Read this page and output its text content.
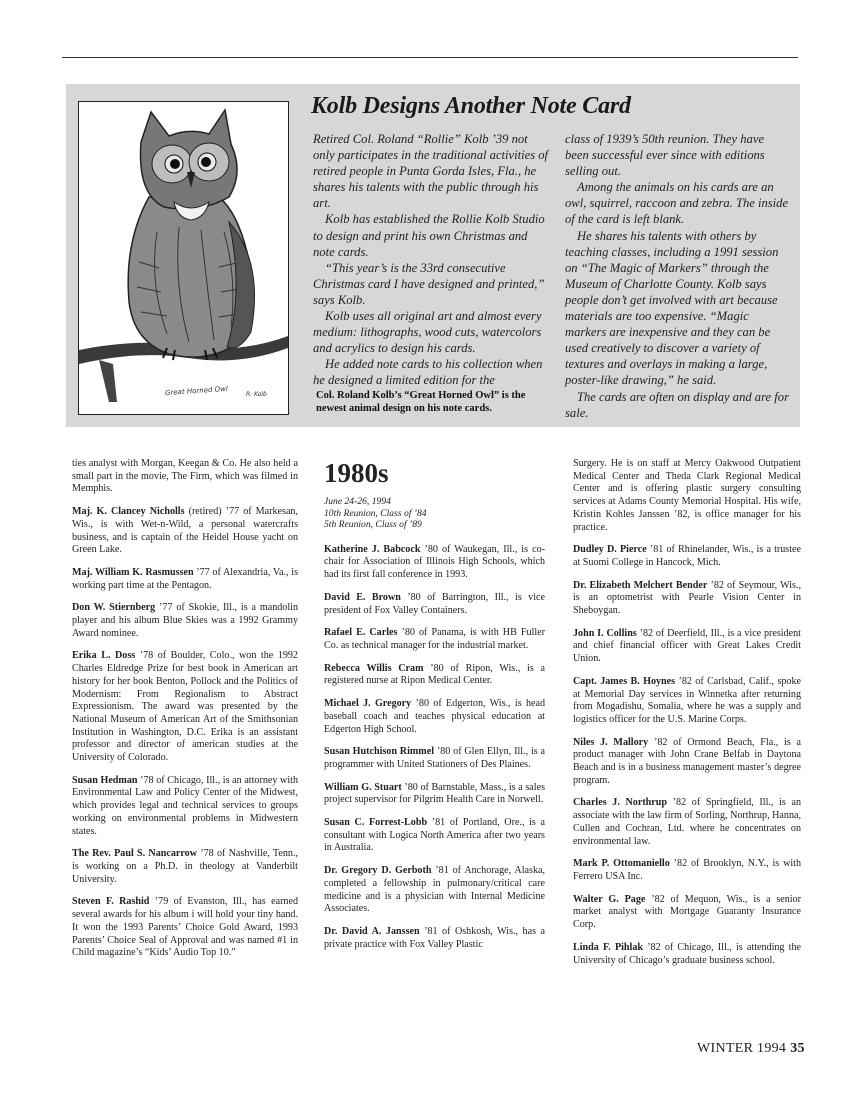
Great Horned Owl	R. Kolb
Kolb Designs Another Note Card

Retired Col. Roland “Rollie” Kolb ’39 not only participates in the traditional activities of retired people in Punta Gorda Isles, Fla., he shares his talents with the public through his art.

Kolb has established the Rollie Kolb Studio to design and print his own Christmas and note cards.

“This year’s is the 33rd consecutive Christmas card I have designed and printed,” says Kolb.

Kolb uses all original art and almost every medium: lithographs, wood cuts, watercolors and acrylics to design his cards.

He added note cards to his collection when he designed a limited edition for the

class of 1939’s 50th reunion. They have been successful ever since with editions selling out.

Among the animals on his cards are an owl, squirrel, raccoon and zebra. The inside of the card is left blank.

He shares his talents with others by teaching classes, including a 1991 session on “The Magic of Markers” through the Museum of Charlotte County. Kolb says people don’t get involved with art because materials are too expensive. “Magic markers are inexpensive and they can be used creatively to discover a variety of textures and overlays in making a large, poster-like drawing,” he said.

The cards are often on display and are for sale.

Col. Roland Kolb’s “Great Horned Owl” is the newest animal design on his note cards.

ties analyst with Morgan, Keegan & Co. He also held a small part in the movie, The Firm, which was filmed in Memphis.

Maj. K. Clancey Nicholls (retired) ’77 of Markesan, Wis., is with Wet-n-Wild, a personal watercrafts business, and is captain of the Heidel House yacht on Green Lake.

Maj. William K. Rasmussen ’77 of Alexandria, Va., is working part time at the Pentagon.

Don W. Stiernberg ’77 of Skokie, Ill., is a mandolin player and his album Blue Skies was a 1992 Grammy Award nominee.

Erika L. Doss ’78 of Boulder, Colo., won the 1992 Charles Eldredge Prize for best book in American art history for her book Benton, Pollock and the Politics of Modernism: From Regionalism to Abstract Expressionism. The award was presented by the National Museum of American Art of the Smithsonian Institution in Washington, D.C. Erika is an assistant professor and director of american studies at the University of Colorado.

Susan Hedman ’78 of Chicago, Ill., is an attorney with Environmental Law and Policy Center of the Midwest, which provides legal and technical services to groups working on environmental problems in Midwestern states.

The Rev. Paul S. Nancarrow ’78 of Nashville, Tenn., is working on a Ph.D. in theology at Vanderbilt University.

Steven F. Rashid ’79 of Evanston, Ill., has earned several awards for his album i will hold your tiny hand. It won the 1993 Parents’ Choice Gold Award, 1993 Parents’ Choice Seal of Approval and was named #1 in Child magazine’s “Kids’ Audio Top 10.”

1980s
June 24-26, 1994
10th Reunion, Class of ’84
5th Reunion, Class of ’89

Katherine J. Babcock ’80 of Waukegan, Ill., is co-chair for Association of Illinois High Schools, which had its first fall conference in 1993.

David E. Brown ’80 of Barrington, Ill., is vice president of Fox Valley Containers.

Rafael E. Carles ’80 of Panama, is with HB Fuller Co. as technical manager for the industrial market.

Rebecca Willis Cram ’80 of Ripon, Wis., is a registered nurse at Ripon Medical Center.

Michael J. Gregory ’80 of Edgerton, Wis., is head baseball coach and teaches physical education at Edgerton High School.

Susan Hutchison Rimmel ’80 of Glen Ellyn, Ill., is a programmer with United Stationers of Des Plaines.

William G. Stuart ’80 of Barnstable, Mass., is a sales project supervisor for Pilgrim Health Care in Norwell.

Susan C. Forrest-Lobb ’81 of Portland, Ore., is a consultant with Logica North America after two years in Australia.

Dr. Gregory D. Gerboth ’81 of Anchorage, Alaska, completed a fellowship in pulmonary/critical care medicine and is a physician with Internal Medicine Associates.

Dr. David A. Janssen ’81 of Oshkosh, Wis., has a private practice with Fox Valley Plastic

Surgery. He is on staff at Mercy Oakwood Outpatient Medical Center and Theda Clark Regional Medical Center and is offering plastic surgery consulting services at Adams County Memorial Hospital. His wife, Kristin Kohles Janssen ’82, is office manager for his practice.

Dudley D. Pierce ’81 of Rhinelander, Wis., is a trustee at Suomi College in Hancock, Mich.

Dr. Elizabeth Melchert Bender ’82 of Seymour, Wis., is an optometrist with Pearle Vision Center in Sheboygan.

John I. Collins ’82 of Deerfield, Ill., is a vice president and chief financial officer with Great Lakes Credit Union.

Capt. James B. Hoynes ’82 of Carlsbad, Calif., spoke at Memorial Day services in Winnetka after returning from Mogadishu, Somalia, where he was a supply and logistics officer for the U.S. Marine Corps.

Niles J. Mallory ’82 of Ormond Beach, Fla., is a product manager with John Crane Belfab in Daytona Beach and is in a business management master’s degree program.

Charles J. Northrup ’82 of Springfield, Ill., is an associate with the law firm of Sorling, Northrup, Hanna, Cullen and Cochran, Ltd. where he concentrates on environmental law.

Mark P. Ottomaniello ’82 of Brooklyn, N.Y., is with Ferrero USA Inc.

Walter G. Page ’82 of Mequon, Wis., is a senior market analyst with Mortgage Guaranty Insurance Corp.

Linda F. Pihlak ’82 of Chicago, Ill., is attending the University of Chicago’s graduate business school.

WINTER 1994 35
